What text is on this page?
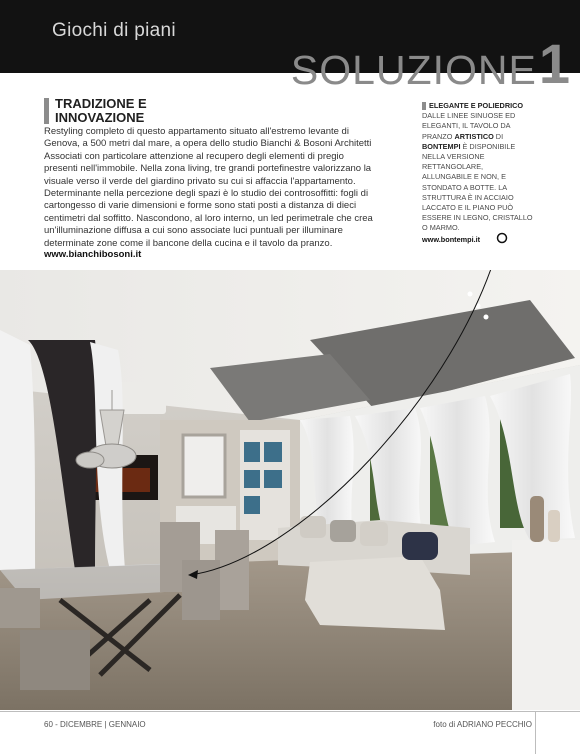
Giochi di piani
SOLUZIONE 1
TRADIZIONE E
INNOVAZIONE
Restyling completo di questo appartamento situato all'estremo levante di Genova, a 500 metri dal mare, a opera dello studio Bianchi & Bosoni Architetti Associati con particolare attenzione al recupero degli elementi di pregio presenti nell'immobile. Nella zona living, tre grandi portefinestre valorizzano la visuale verso il verde del giardino privato su cui si affaccia l'appartamento. Determinante nella percezione degli spazi è lo studio dei controsoffitti: fogli di cartongesso di varie dimensioni e forme sono stati posti a distanza di dieci centimetri dal soffitto. Nascondono, al loro interno, un led perimetrale che crea un'illuminazione diffusa a cui sono associate luci puntuali per illuminare determinate zone come il bancone della cucina e il tavolo da pranzo.
www.bianchibosoni.it
ELEGANTE E POLIEDRICO
DALLE LINEE SINUOSE ED ELEGANTI, IL TAVOLO DA PRANZO ARTISTICO DI BONTEMPI È DISPONIBILE NELLA VERSIONE RETTANGOLARE, ALLUNGABILE E NON, E STONDATO A BOTTE. LA STRUTTURA È IN ACCIAIO LACCATO E IL PIANO PUÒ ESSERE IN LEGNO, CRISTALLO O MARMO.
www.bontempi.it
60 - DICEMBRE | GENNAIO	foto di ADRIANO PECCHIO
